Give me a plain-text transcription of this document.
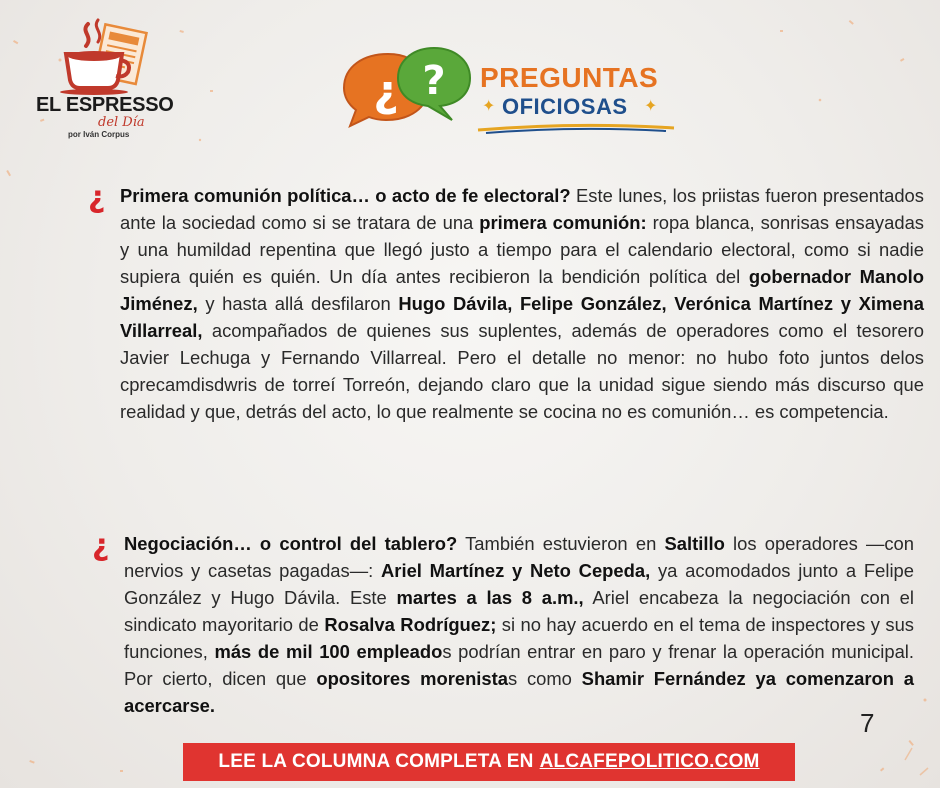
EL ESPRESSO
del Día
por Iván Corpus
¿ ? PREGUNTAS
✦ OFICIOSAS ✦
¿ Primera comunión política… o acto de fe electoral? Este lunes, los priistas fueron presentados ante la sociedad como si se tratara de una primera comunión: ropa blanca, sonrisas ensayadas y una humildad repentina que llegó justo a tiempo para el calendario electoral, como si nadie supiera quién es quién. Un día antes recibieron la bendición política del gobernador Manolo Jiménez, y hasta allá desfilaron Hugo Dávila, Felipe González, Verónica Martínez y Ximena Villarreal, acompañados de quienes sus suplentes, además de operadores como el tesorero Javier Lechuga y Fernando Villarreal. Pero el detalle no menor: no hubo foto juntos delos cprecamdisdwris de torreí Torreón, dejando claro que la unidad sigue siendo más discurso que realidad y que, detrás del acto, lo que realmente se cocina no es comunión… es competencia.
¿ Negociación… o control del tablero? También estuvieron en Saltillo los operadores —con nervios y casetas pagadas—: Ariel Martínez y Neto Cepeda, ya acomodados junto a Felipe González y Hugo Dávila. Este martes a las 8 a.m., Ariel encabeza la negociación con el sindicato mayoritario de Rosalva Rodríguez; si no hay acuerdo en el tema de inspectores y sus funciones, más de mil 100 empleados podrían entrar en paro y frenar la operación municipal. Por cierto, dicen que opositores morenistas como Shamir Fernández ya comenzaron a acercarse.
7
LEE LA COLUMNA COMPLETA EN ALCAFEPOLITICO.COM
